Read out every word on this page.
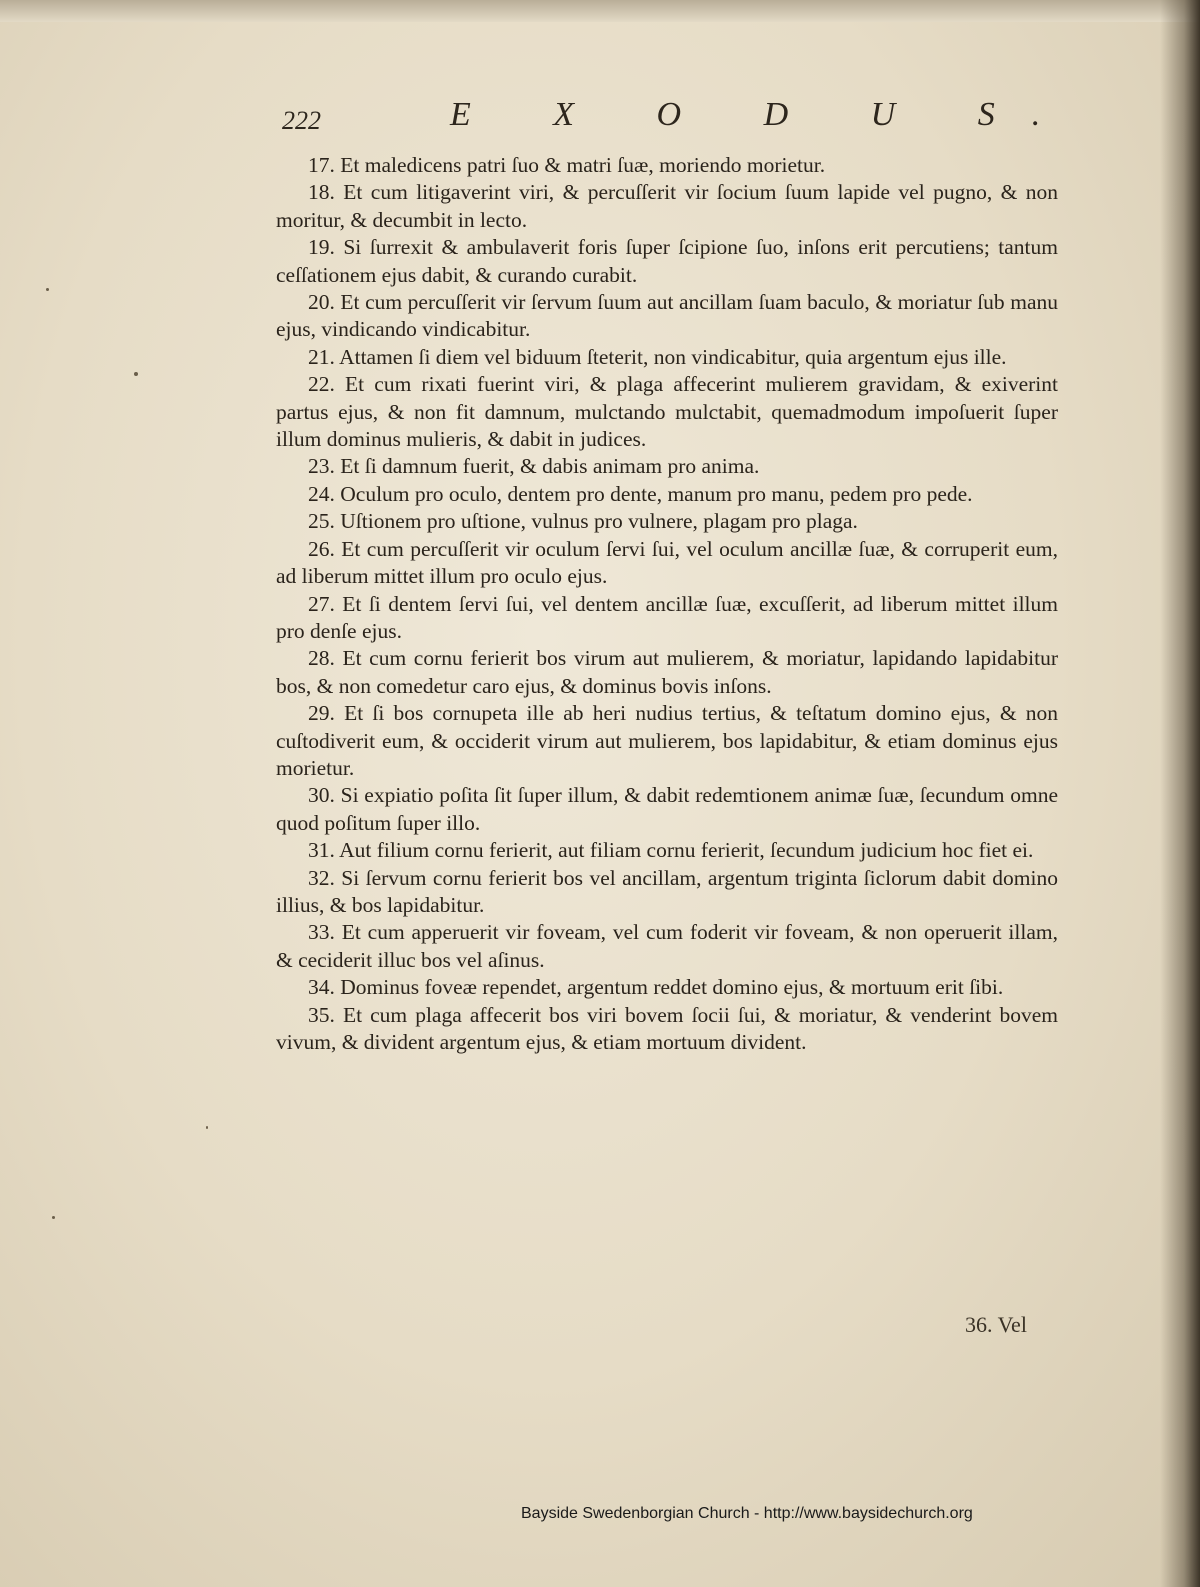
222	E X O D U S.

17. Et maledicens patri ſuo & matri ſuæ, moriendo morietur.

18. Et cum litigaverint viri, & percuſſerit vir ſocium ſuum lapide vel pugno, & non moritur, & decumbit in lecto.

19. Si ſurrexit & ambulaverit foris ſuper ſcipione ſuo, inſons erit percutiens; tantum ceſſationem ejus dabit, & curando curabit.

20. Et cum percuſſerit vir ſervum ſuum aut ancillam ſuam baculo, & moriatur ſub manu ejus, vindicando vindicabitur.

21. Attamen ſi diem vel biduum ſteterit, non vindicabitur, quia argentum ejus ille.

22. Et cum rixati fuerint viri, & plaga affecerint mulierem gravidam, & exiverint partus ejus, & non fit damnum, mulctando mulctabit, quemadmodum impoſuerit ſuper illum dominus mulieris, & dabit in judices.

23. Et ſi damnum fuerit, & dabis animam pro anima.

24. Oculum pro oculo, dentem pro dente, manum pro manu, pedem pro pede.

25. Uſtionem pro uſtione, vulnus pro vulnere, plagam pro plaga.

26. Et cum percuſſerit vir oculum ſervi ſui, vel oculum ancillæ ſuæ, & corruperit eum, ad liberum mittet illum pro oculo ejus.

27. Et ſi dentem ſervi ſui, vel dentem ancillæ ſuæ, excuſſerit, ad liberum mittet illum pro denſe ejus.

28. Et cum cornu ferierit bos virum aut mulierem, & moriatur, lapidando lapidabitur bos, & non comedetur caro ejus, & dominus bovis inſons.

29. Et ſi bos cornupeta ille ab heri nudius tertius, & teſtatum domino ejus, & non cuſtodiverit eum, & occiderit virum aut mulierem, bos lapidabitur, & etiam dominus ejus morietur.

30. Si expiatio poſita ſit ſuper illum, & dabit redemtionem animæ ſuæ, ſecundum omne quod poſitum ſuper illo.

31. Aut filium cornu ferierit, aut filiam cornu ferierit, ſecundum judicium hoc fiet ei.

32. Si ſervum cornu ferierit bos vel ancillam, argentum triginta ſiclorum dabit domino illius, & bos lapidabitur.

33. Et cum apperuerit vir foveam, vel cum foderit vir foveam, & non operuerit illam, & ceciderit illuc bos vel aſinus.

34. Dominus foveæ rependet, argentum reddet domino ejus, & mortuum erit ſibi.

35. Et cum plaga affecerit bos viri bovem ſocii ſui, & moriatur, & venderint bovem vivum, & divident argentum ejus, & etiam mortuum divident.

36. Vel
Bayside Swedenborgian Church - http://www.baysidechurch.org
